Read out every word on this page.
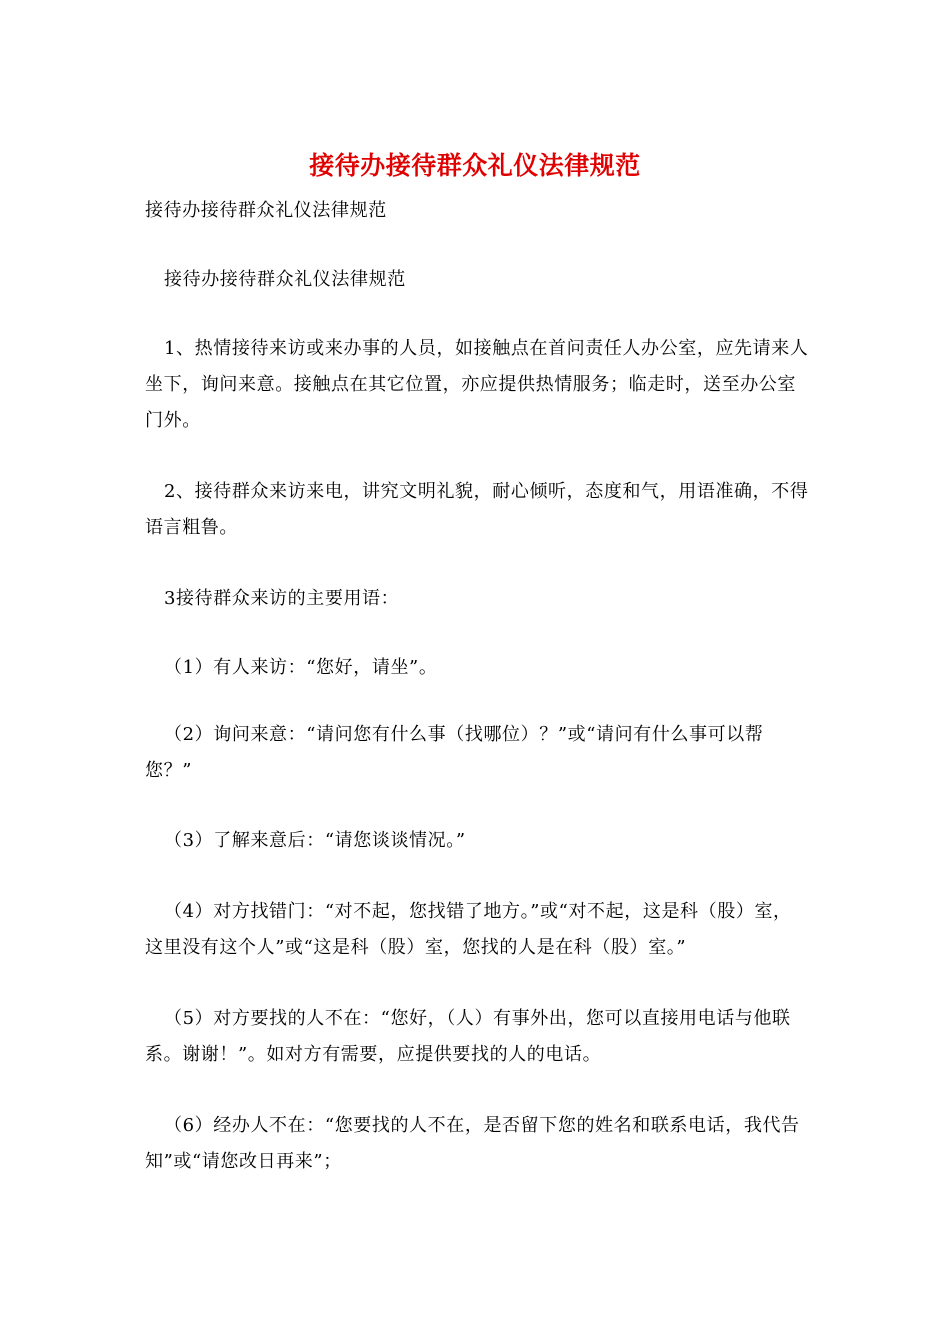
接待办接待群众礼仪法律规范

接待办接待群众礼仪法律规范

接待办接待群众礼仪法律规范

1、热情接待来访或来办事的人员，如接触点在首问责任人办公室，应先请来人坐下，询问来意。接触点在其它位置，亦应提供热情服务；临走时，送至办公室门外。

2、接待群众来访来电，讲究文明礼貌，耐心倾听，态度和气，用语准确，不得语言粗鲁。

3接待群众来访的主要用语：

（1）有人来访：“您好，请坐”。

（2）询问来意：“请问您有什么事（找哪位）？”或“请问有什么事可以帮您？”

（3）了解来意后：“请您谈谈情况。”

（4）对方找错门：“对不起，您找错了地方。”或“对不起，这是科（股）室，这里没有这个人”或“这是科（股）室，您找的人是在科（股）室。”

（5）对方要找的人不在：“您好，（人）有事外出，您可以直接用电话与他联系。谢谢！”。如对方有需要，应提供要找的人的电话。

（6）经办人不在：“您要找的人不在，是否留下您的姓名和联系电话，我代告知”或“请您改日再来”；
